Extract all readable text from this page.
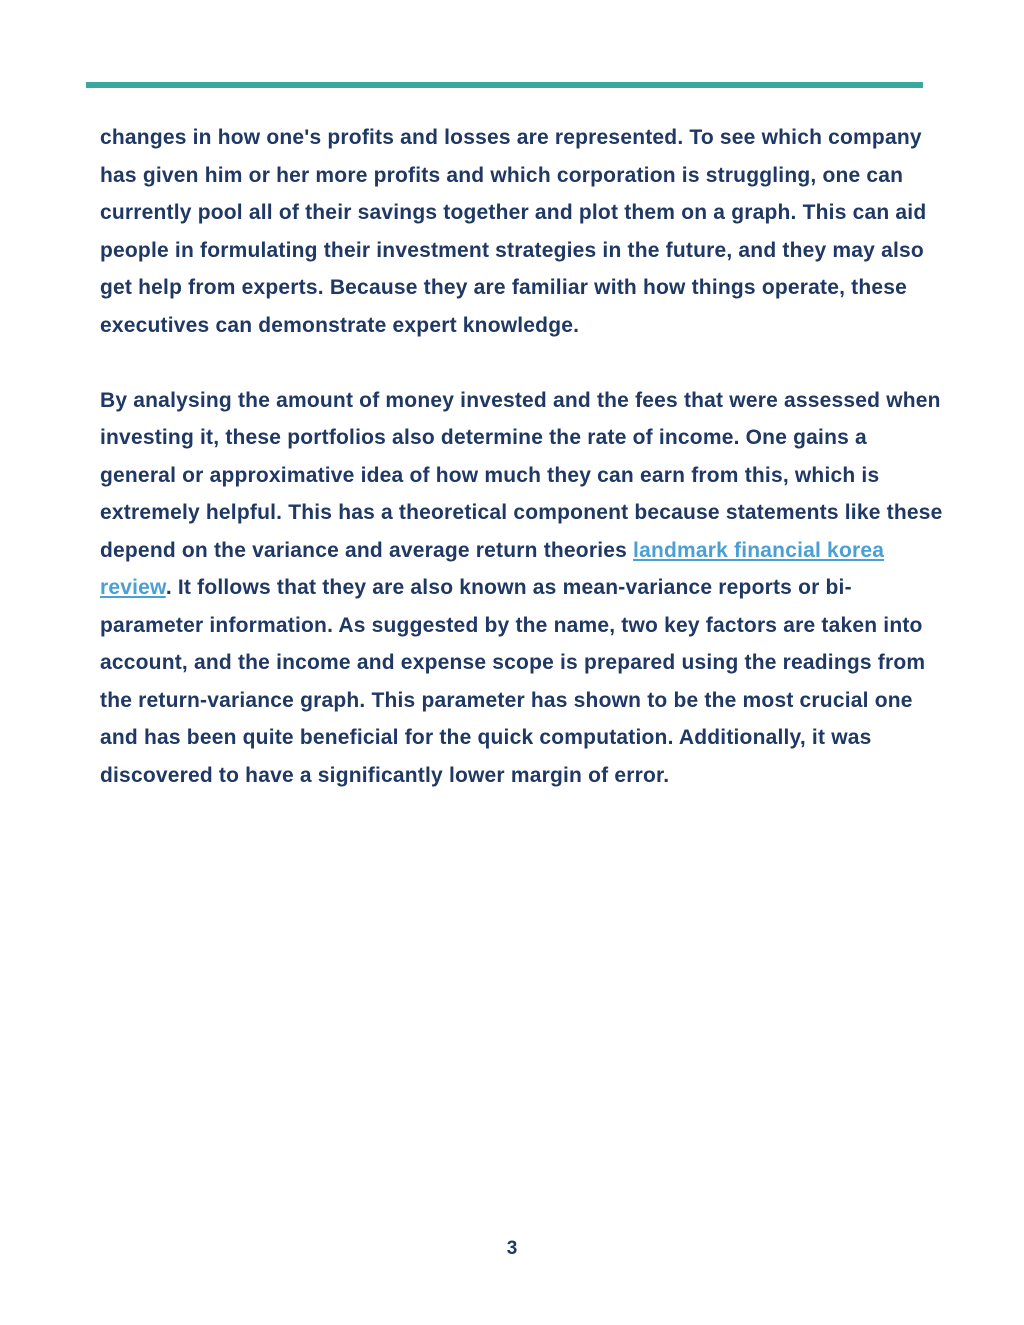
changes in how one's profits and losses are represented. To see which company has given him or her more profits and which corporation is struggling, one can currently pool all of their savings together and plot them on a graph. This can aid people in formulating their investment strategies in the future, and they may also get help from experts. Because they are familiar with how things operate, these executives can demonstrate expert knowledge.

By analysing the amount of money invested and the fees that were assessed when investing it, these portfolios also determine the rate of income. One gains a general or approximative idea of how much they can earn from this, which is extremely helpful. This has a theoretical component because statements like these depend on the variance and average return theories landmark financial korea review. It follows that they are also known as mean-variance reports or bi-parameter information. As suggested by the name, two key factors are taken into account, and the income and expense scope is prepared using the readings from the return-variance graph. This parameter has shown to be the most crucial one and has been quite beneficial for the quick computation. Additionally, it was discovered to have a significantly lower margin of error.

3
